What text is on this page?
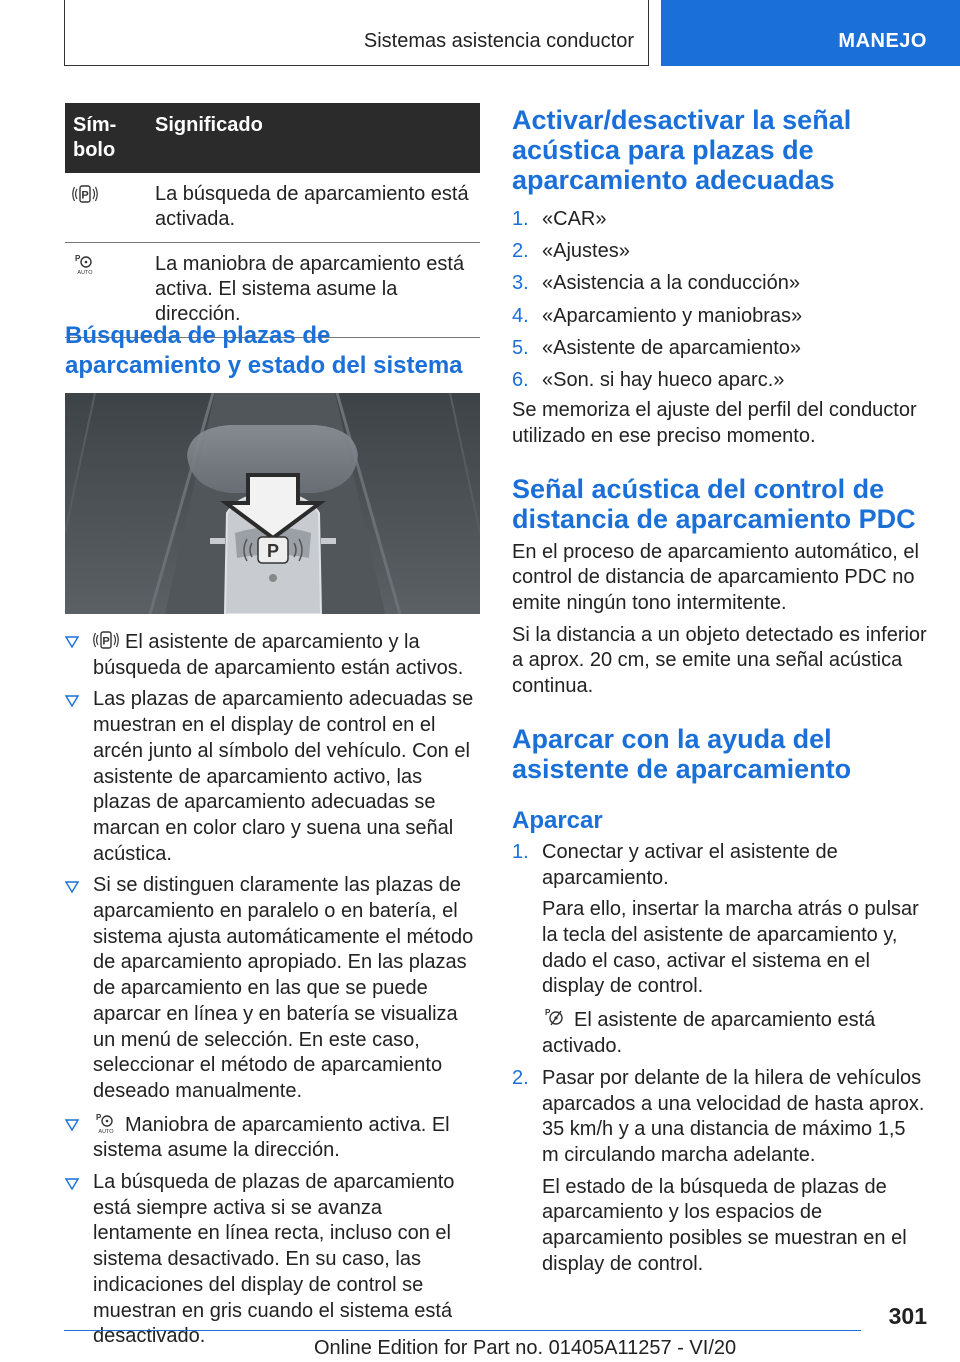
Sistemas asistencia conductor	MANEJO
Sím-
bolo	Significado

P	La búsqueda de aparcamiento está activada.

P
AUTO	La maniobra de aparcamiento está activa. El sistema asume la dirección.
Búsqueda de plazas de aparcamiento y estado del sistema
P
P El asistente de aparcamiento y la búsqueda de aparcamiento están activos.
Las plazas de aparcamiento adecuadas se muestran en el display de control en el arcén junto al símbolo del vehículo. Con el asistente de aparcamiento activo, las plazas de aparcamiento adecuadas se marcan en color claro y suena una señal acústica.
Si se distinguen claramente las plazas de aparcamiento en paralelo o en batería, el sistema ajusta automáticamente el método de aparcamiento apropiado. En las plazas de aparcamiento en las que se puede aparcar en línea y en batería se visualiza un menú de selección. En este caso, seleccionar el método de aparcamiento deseado manualmente.
P
AUTO Maniobra de aparcamiento activa. El sistema asume la dirección.
La búsqueda de plazas de aparcamiento está siempre activa si se avanza lentamente en línea recta, incluso con el sistema desactivado. En su caso, las indicaciones del display de control se muestran en gris cuando el sistema está desactivado.
Activar/desactivar la señal acústica para plazas de aparcamiento adecuadas
1. «CAR»
2. «Ajustes»
3. «Asistencia a la conducción»
4. «Aparcamiento y maniobras»
5. «Asistente de aparcamiento»
6. «Son. si hay hueco aparc.»
Se memoriza el ajuste del perfil del conductor utilizado en ese preciso momento.
Señal acústica del control de distancia de aparcamiento PDC
En el proceso de aparcamiento automático, el control de distancia de aparcamiento PDC no emite ningún tono intermitente.
Si la distancia a un objeto detectado es inferior a aprox. 20 cm, se emite una señal acústica continua.
Aparcar con la ayuda del asistente de aparcamiento
Aparcar
1. Conectar y activar el asistente de aparcamiento.
Para ello, insertar la marcha atrás o pulsar la tecla del asistente de aparcamiento y, dado el caso, activar el sistema en el display de control.
P El asistente de aparcamiento está activado.
2. Pasar por delante de la hilera de vehículos aparcados a una velocidad de hasta aprox. 35 km/h y a una distancia de máximo 1,5 m circulando marcha adelante.
El estado de la búsqueda de plazas de aparcamiento y los espacios de aparcamiento posibles se muestran en el display de control.
301
Online Edition for Part no. 01405A11257 - VI/20
